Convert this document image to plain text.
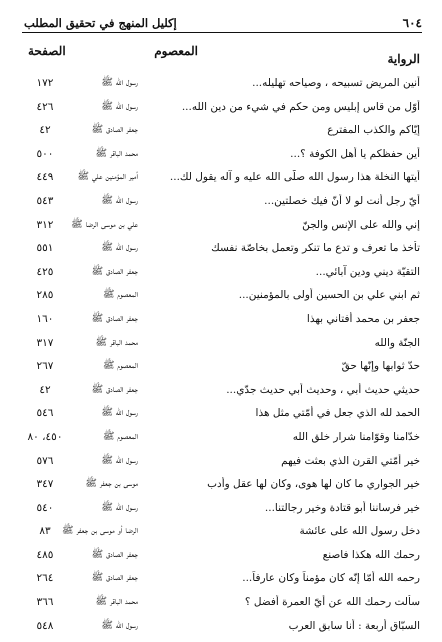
٦٠٤
إكليل المنهج في تحقيق المطلب
الرواية
المعصوم
الصفحة
أنين المريض تسبيحه ، وصياحه تهليله...
رسول الله ﷺ
١٧٢
أوّل من قاس إبليس ومن حكم في شيء من دين الله...
رسول الله ﷺ
٤٢٦
إيّاكم والكذب المفترع
جعفر الصادق ﷺ
٤٢
أين حفظكم يا أهل الكوفة ؟...
محمد الباقر ﷺ
٥٠٠
أيتها النخلة هذا رسول الله صلّى الله عليه و آله يقول لك...
أمير المؤمنين علي ﷺ
٤٤٩
أيّ رجل أنت لو لا أنّ فيك خصلتين...
رسول الله ﷺ
٥٤٣
إني والله على الإنس والجنّ
علي بن موسى الرضا ﷺ
٣١٢
تأخذ ما تعرف و تدع ما تنكر وتعمل بخاصّة نفسك
رسول الله ﷺ
٥٥١
التقيّة ديني ودين آبائي...
جعفر الصادق ﷺ
٤٢٥
ثم ابني علي بن الحسين أولى بالمؤمنين...
المعصوم ﷺ
٢٨٥
جعفر بن محمد أفتاني بهذا
جعفر الصادق ﷺ
١٦٠
الجنّة والله
محمد الباقر ﷺ
٣١٧
حدّ ثوابها وإنّها حقّ
المعصوم ﷺ
٢٦٧
حديثي حديث أبي ، وحديث أبي حديث جدّي...
جعفر الصادق ﷺ
٤٢
الحمد لله الذي جعل في أمّتي مثل هذا
رسول الله ﷺ
٥٤٦
خدّامنا وقوّامنا شرار خلق الله
المعصوم ﷺ
٤٥٠، ٨٠
خير أمّتي القرن الذي بعثت فيهم
رسول الله ﷺ
٥٧٦
خير الجواري ما كان لها هوى، وكان لها عقل وأدب
موسى بن جعفر ﷺ
٣٤٧
خير فرساننا أبو قتادة وخير رجالتنا...
رسول الله ﷺ
٥٤٠
دخل رسول الله على عائشة
الرضا أو موسى بن جعفر ﷺ
٨٣
رحمك الله هكذا فاصنع
جعفر الصادق ﷺ
٤٨٥
رحمه الله أمّا إنّه كان مؤمناً وكان عارفاً...
جعفر الصادق ﷺ
٢٦٤
سألت رحمك الله عن أيّ العمرة أفضل ؟
محمد الباقر ﷺ
٣٦٦
السبّاق أربعة : أنا سابق العرب
رسول الله ﷺ
٥٤٨
